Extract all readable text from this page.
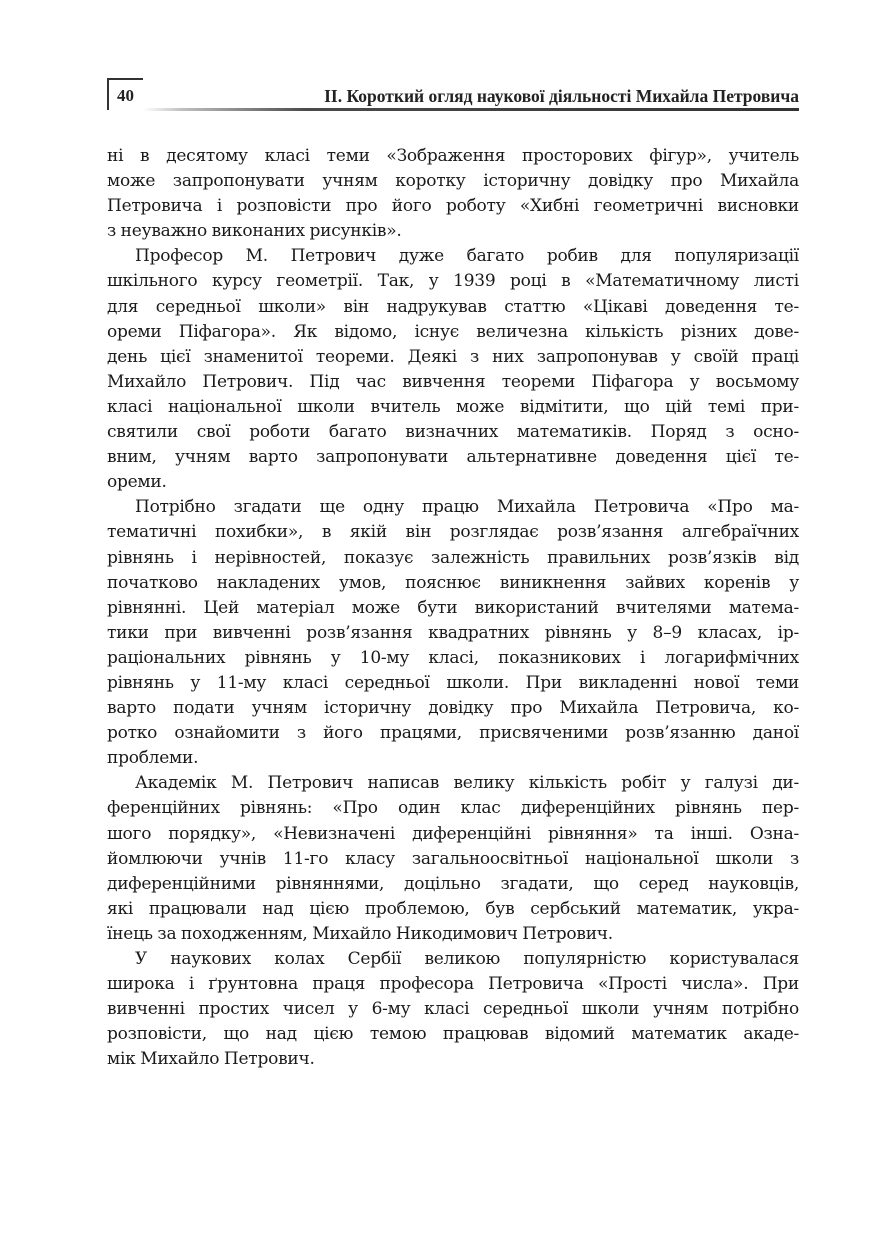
40	II. Короткий огляд наукової діяльності Михайла Петровича

ні в десятому класі теми «Зображення просторових фігур», учитель
може запропонувати учням коротку історичну довідку про Михайла
Петровича і розповісти про його роботу «Хибні геометричні висновки
з неуважно виконаних рисунків».

Професор М. Петрович дуже багато робив для популяризації
шкільного курсу геометрії. Так, у 1939 році в «Математичному листі
для середньої школи» він надрукував статтю «Цікаві доведення те-
ореми Піфагора». Як відомо, існує величезна кількість різних дове-
день цієї знаменитої теореми. Деякі з них запропонував у своїй праці
Михайло Петрович. Під час вивчення теореми Піфагора у восьмому
класі національної школи вчитель може відмітити, що цій темі при-
святили свої роботи багато визначних математиків. Поряд з осно-
вним, учням варто запропонувати альтернативне доведення цієї те-
ореми.

Потрібно згадати ще одну працю Михайла Петровича «Про ма-
тематичні похибки», в якій він розглядає розв’язання алгебраїчних
рівнянь і нерівностей, показує залежність правильних розв’язків від
початково накладених умов, пояснює виникнення зайвих коренів у
рівнянні. Цей матеріал може бути використаний вчителями матема-
тики при вивченні розв’язання квадратних рівнянь у 8–9 класах, ір-
раціональних рівнянь у 10-му класі, показникових і логарифмічних
рівнянь у 11-му класі середньої школи. При викладенні нової теми
варто подати учням історичну довідку про Михайла Петровича, ко-
ротко ознайомити з його працями, присвяченими розв’язанню даної
проблеми.

Академік М. Петрович написав велику кількість робіт у галузі ди-
ференційних рівнянь: «Про один клас диференційних рівнянь пер-
шого порядку», «Невизначені диференційні рівняння» та інші. Озна-
йомлюючи учнів 11-го класу загальноосвітньої національної школи з
диференційними рівняннями, доцільно згадати, що серед науковців,
які працювали над цією проблемою, був сербський математик, укра-
їнець за походженням, Михайло Никодимович Петрович.

У наукових колах Сербії великою популярністю користувалася
широка і ґрунтовна праця професора Петровича «Прості числа». При
вивченні простих чисел у 6-му класі середньої школи учням потрібно
розповісти, що над цією темою працював відомий математик акаде-
мік Михайло Петрович.
